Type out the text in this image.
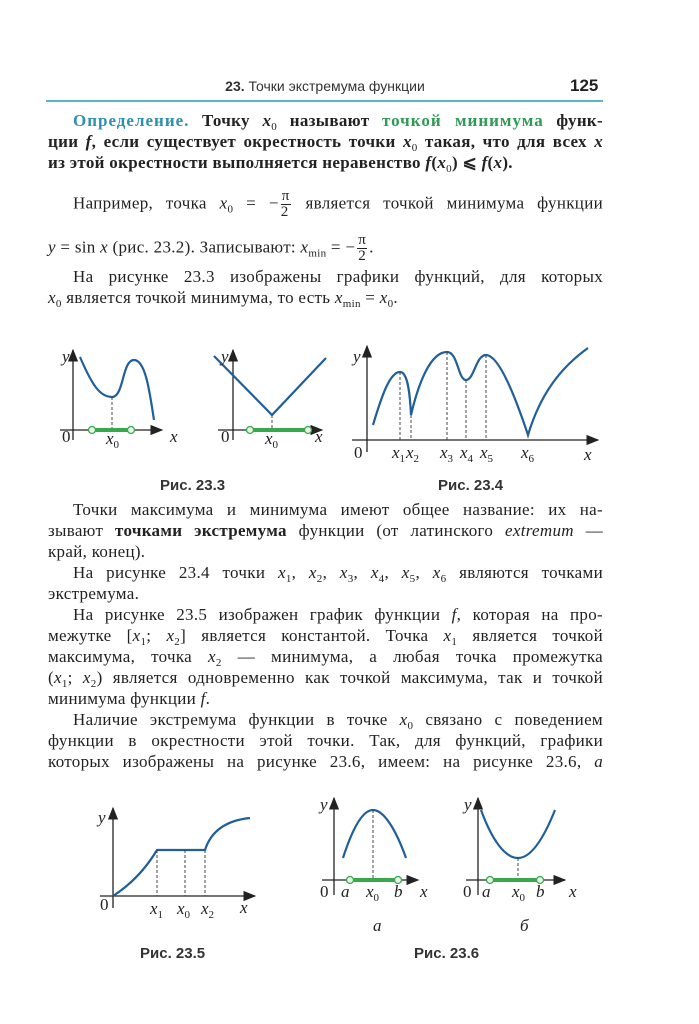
23. Точки экстремума функции	125
Определение. Точку $x_0$ называют точкой минимума функ-
ции f, если существует окрестность точки $x_0$ такая, что для всех x
из этой окрестности выполняется неравенство $f(x_0)$ ⩽ f(x).
Например, точка $x_0$ = − $\frac{\pi}{2}$ является точкой минимума функции
y = sin x (рис. 23.2). Записывают: $x_{min}$ = − $\frac{\pi}{2}$ .
На рисунке 23.3 изображены графики функций, для которых
$x_0$ является точкой минимума, то есть $x_{min} = x_0$.
Точки максимума и минимума имеют общее название: их на-
зывают точками экстремума функции (от латинского extremum —
край, конец).
На рисунке 23.4 точки $x_1$, $x_2$, $x_3$, $x_4$, $x_5$, $x_6$ являются точками
экстремума.
На рисунке 23.5 изображен график функции f, которая на про-
межутке [$x_1$; $x_2$] является константой. Точка $x_1$ является точкой
максимума, точка $x_2$ — минимума, а любая точка промежутка
($x_1$; $x_2$) является одновременно как точкой максимума, так и точкой
минимума функции f.
Наличие экстремума функции в точке $x_0$ связано с поведением
функции в окрестности этой точки. Так, для функций, графики
которых изображены на рисунке 23.6, имеем: на рисунке 23.6, а
y
0 $x_0$	x
y
0 $x_0$ x
Рис. 23.3
y
0 $x_1$ $x_2$ $x_3$ $x_4$ $x_5$ $x_6$	x
Рис. 23.4
y
0 $x_1$ $x_0$ $x_2$ x
Рис. 23.5
y
0 a $x_0$ b x
а
y
0 a $x_0$ b x
б
Рис. 23.6
